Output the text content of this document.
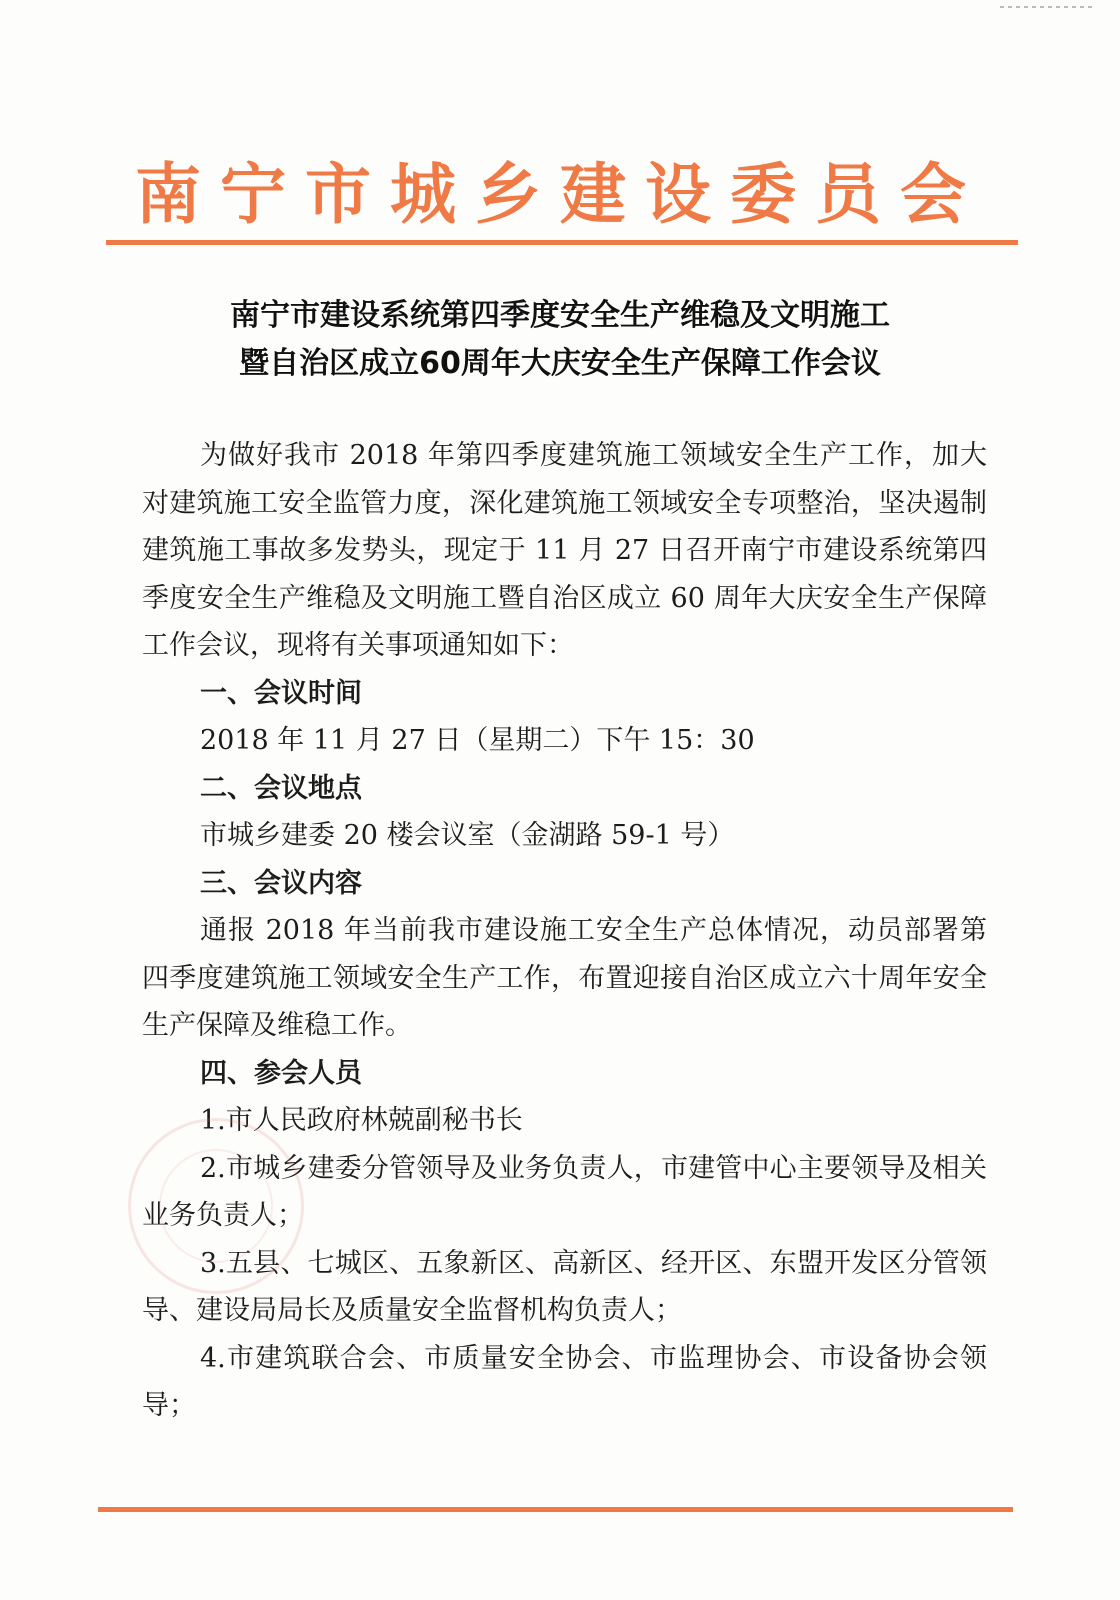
南宁市城乡建设委员会
南宁市建设系统第四季度安全生产维稳及文明施工
暨自治区成立60周年大庆安全生产保障工作会议

为做好我市 2018 年第四季度建筑施工领域安全生产工作，加大对建筑施工安全监管力度，深化建筑施工领域安全专项整治，坚决遏制建筑施工事故多发势头，现定于 11 月 27 日召开南宁市建设系统第四季度安全生产维稳及文明施工暨自治区成立 60 周年大庆安全生产保障工作会议，现将有关事项通知如下：

一、会议时间

2018 年 11 月 27 日（星期二）下午 15：30

二、会议地点

市城乡建委 20 楼会议室（金湖路 59-1 号）

三、会议内容

通报 2018 年当前我市建设施工安全生产总体情况，动员部署第四季度建筑施工领域安全生产工作，布置迎接自治区成立六十周年安全生产保障及维稳工作。

四、参会人员

1.市人民政府林兢副秘书长

2.市城乡建委分管领导及业务负责人，市建管中心主要领导及相关业务负责人；

3.五县、七城区、五象新区、高新区、经开区、东盟开发区分管领导、建设局局长及质量安全监督机构负责人；

4.市建筑联合会、市质量安全协会、市监理协会、市设备协会领导；
